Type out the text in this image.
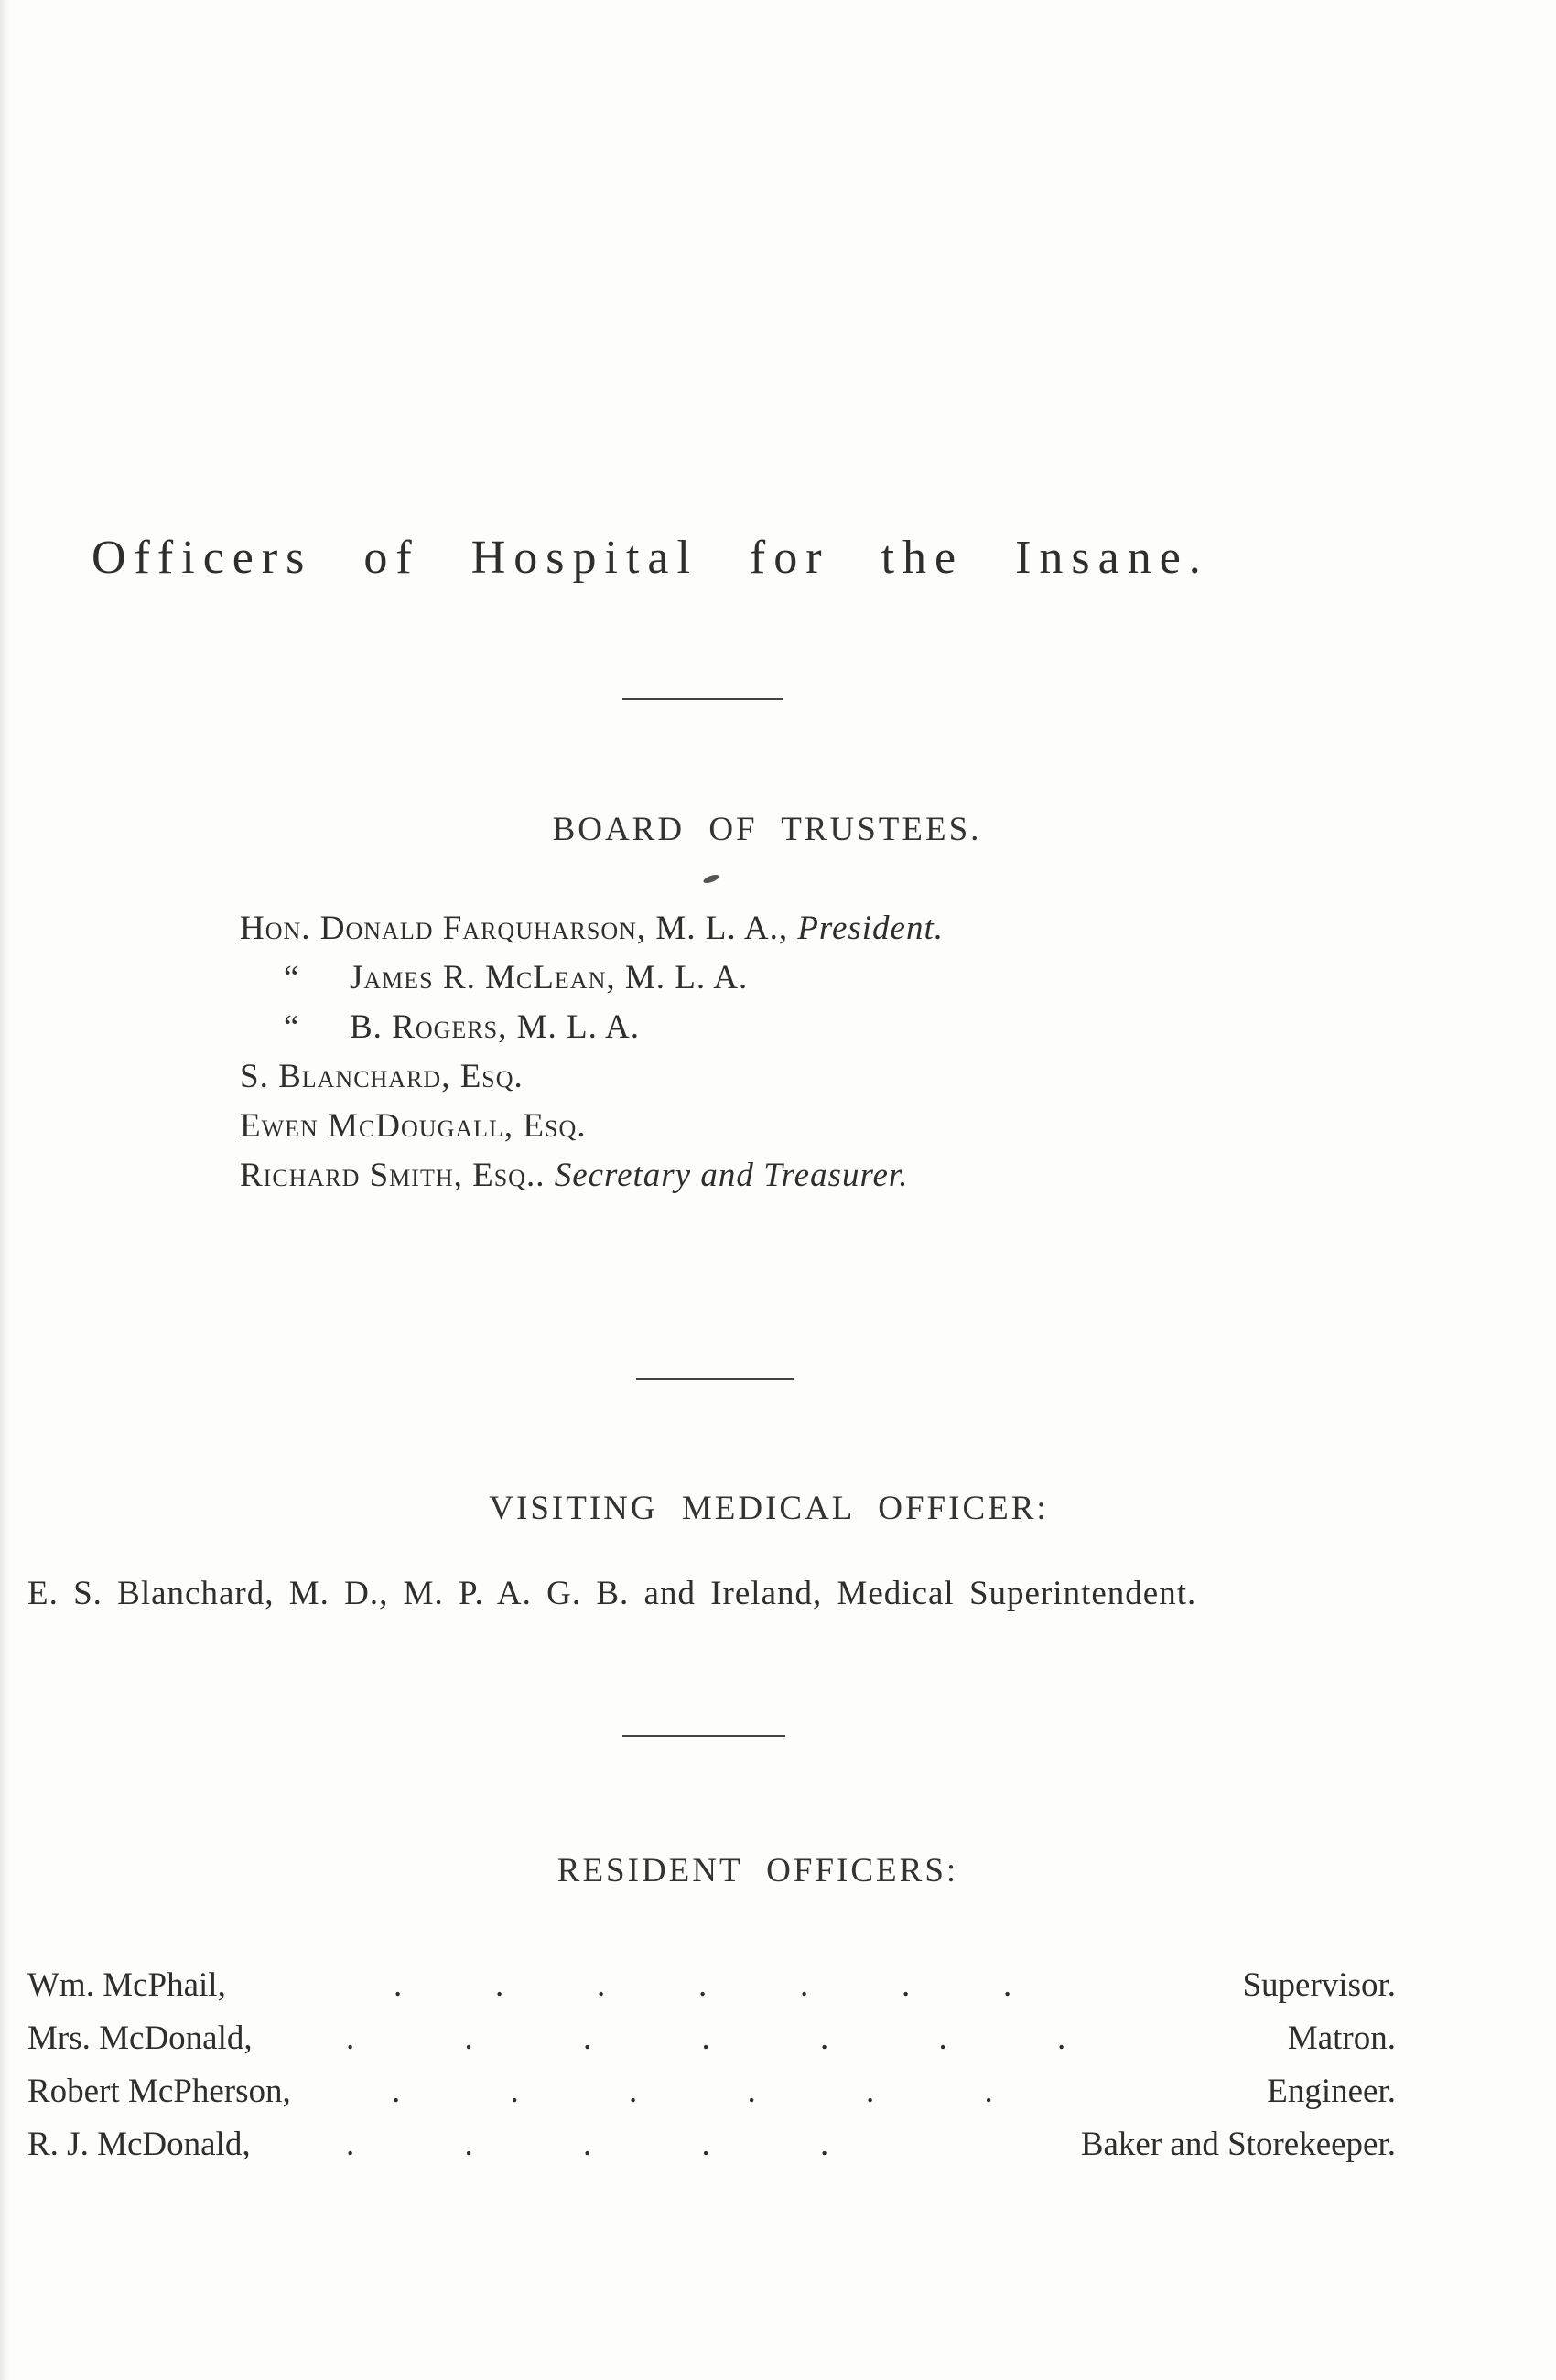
Officers of Hospital for the Insane.
BOARD OF TRUSTEES.
Hon. Donald Farquharson, M. L. A., President.
“ James R. McLean, M. L. A.
“ B. Rogers, M. L. A.
S. Blanchard, Esq.
Ewen McDougall, Esq.
Richard Smith, Esq.. Secretary and Treasurer.
VISITING MEDICAL OFFICER:
E. S. Blanchard, M. D., M. P. A. G. B. and Ireland, Medical Superintendent.
RESIDENT OFFICERS:
Wm. McPhail,	.           .           .           .           .           .           .	Supervisor.
Mrs. McDonald,	.             .             .             .             .             .             .	Matron.
Robert McPherson,	.             .             .             .             .             .	Engineer.
R. J. McDonald,	.             .             .             .             .	Baker and Storekeeper.
